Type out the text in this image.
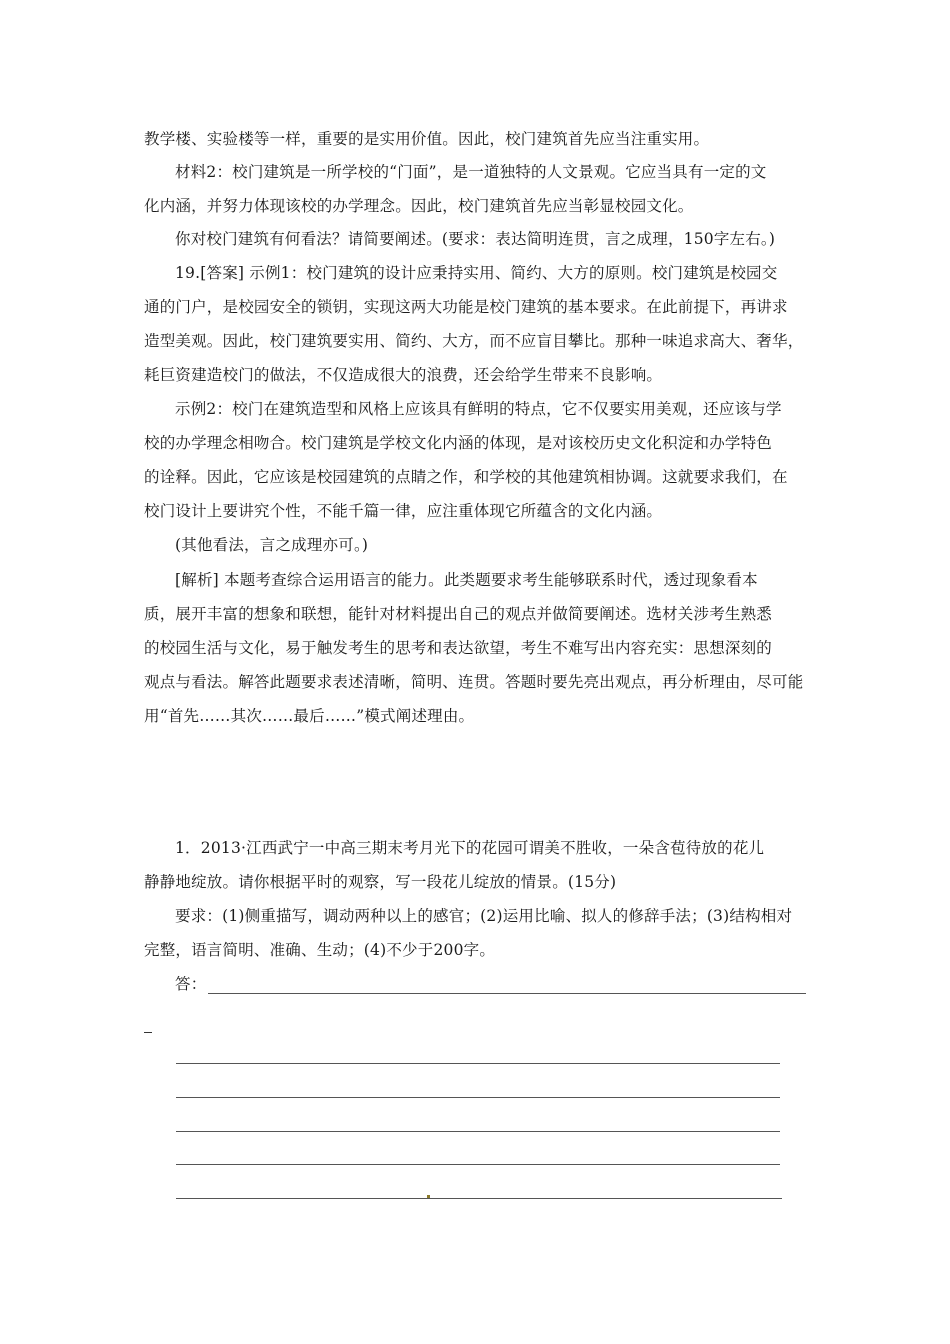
教学楼、实验楼等一样，重要的是实用价值。因此，校门建筑首先应当注重实用。
材料2：校门建筑是一所学校的“门面”，是一道独特的人文景观。它应当具有一定的文
化内涵，并努力体现该校的办学理念。因此，校门建筑首先应当彰显校园文化。
你对校门建筑有何看法？请简要阐述。(要求：表达简明连贯，言之成理，150字左右。)
19.[答案] 示例1：校门建筑的设计应秉持实用、简约、大方的原则。校门建筑是校园交
通的门户，是校园安全的锁钥，实现这两大功能是校门建筑的基本要求。在此前提下，再讲求
造型美观。因此，校门建筑要实用、简约、大方，而不应盲目攀比。那种一味追求高大、奢华，
耗巨资建造校门的做法，不仅造成很大的浪费，还会给学生带来不良影响。
示例2：校门在建筑造型和风格上应该具有鲜明的特点，它不仅要实用美观，还应该与学
校的办学理念相吻合。校门建筑是学校文化内涵的体现，是对该校历史文化积淀和办学特色
的诠释。因此，它应该是校园建筑的点睛之作，和学校的其他建筑相协调。这就要求我们，在
校门设计上要讲究个性，不能千篇一律，应注重体现它所蕴含的文化内涵。
(其他看法，言之成理亦可。)
[解析] 本题考查综合运用语言的能力。此类题要求考生能够联系时代，透过现象看本
质，展开丰富的想象和联想，能针对材料提出自己的观点并做简要阐述。选材关涉考生熟悉
的校园生活与文化，易于触发考生的思考和表达欲望，考生不难写出内容充实：思想深刻的
观点与看法。解答此题要求表述清晰，简明、连贯。答题时要先亮出观点，再分析理由，尽可能
用“首先……其次……最后……”模式阐述理由。
1．2013·江西武宁一中高三期末考月光下的花园可谓美不胜收，一朵含苞待放的花儿
静静地绽放。请你根据平时的观察，写一段花儿绽放的情景。(15分)
要求：(1)侧重描写，调动两种以上的感官；(2)运用比喻、拟人的修辞手法；(3)结构相对
完整，语言简明、准确、生动；(4)不少于200字。
答：
